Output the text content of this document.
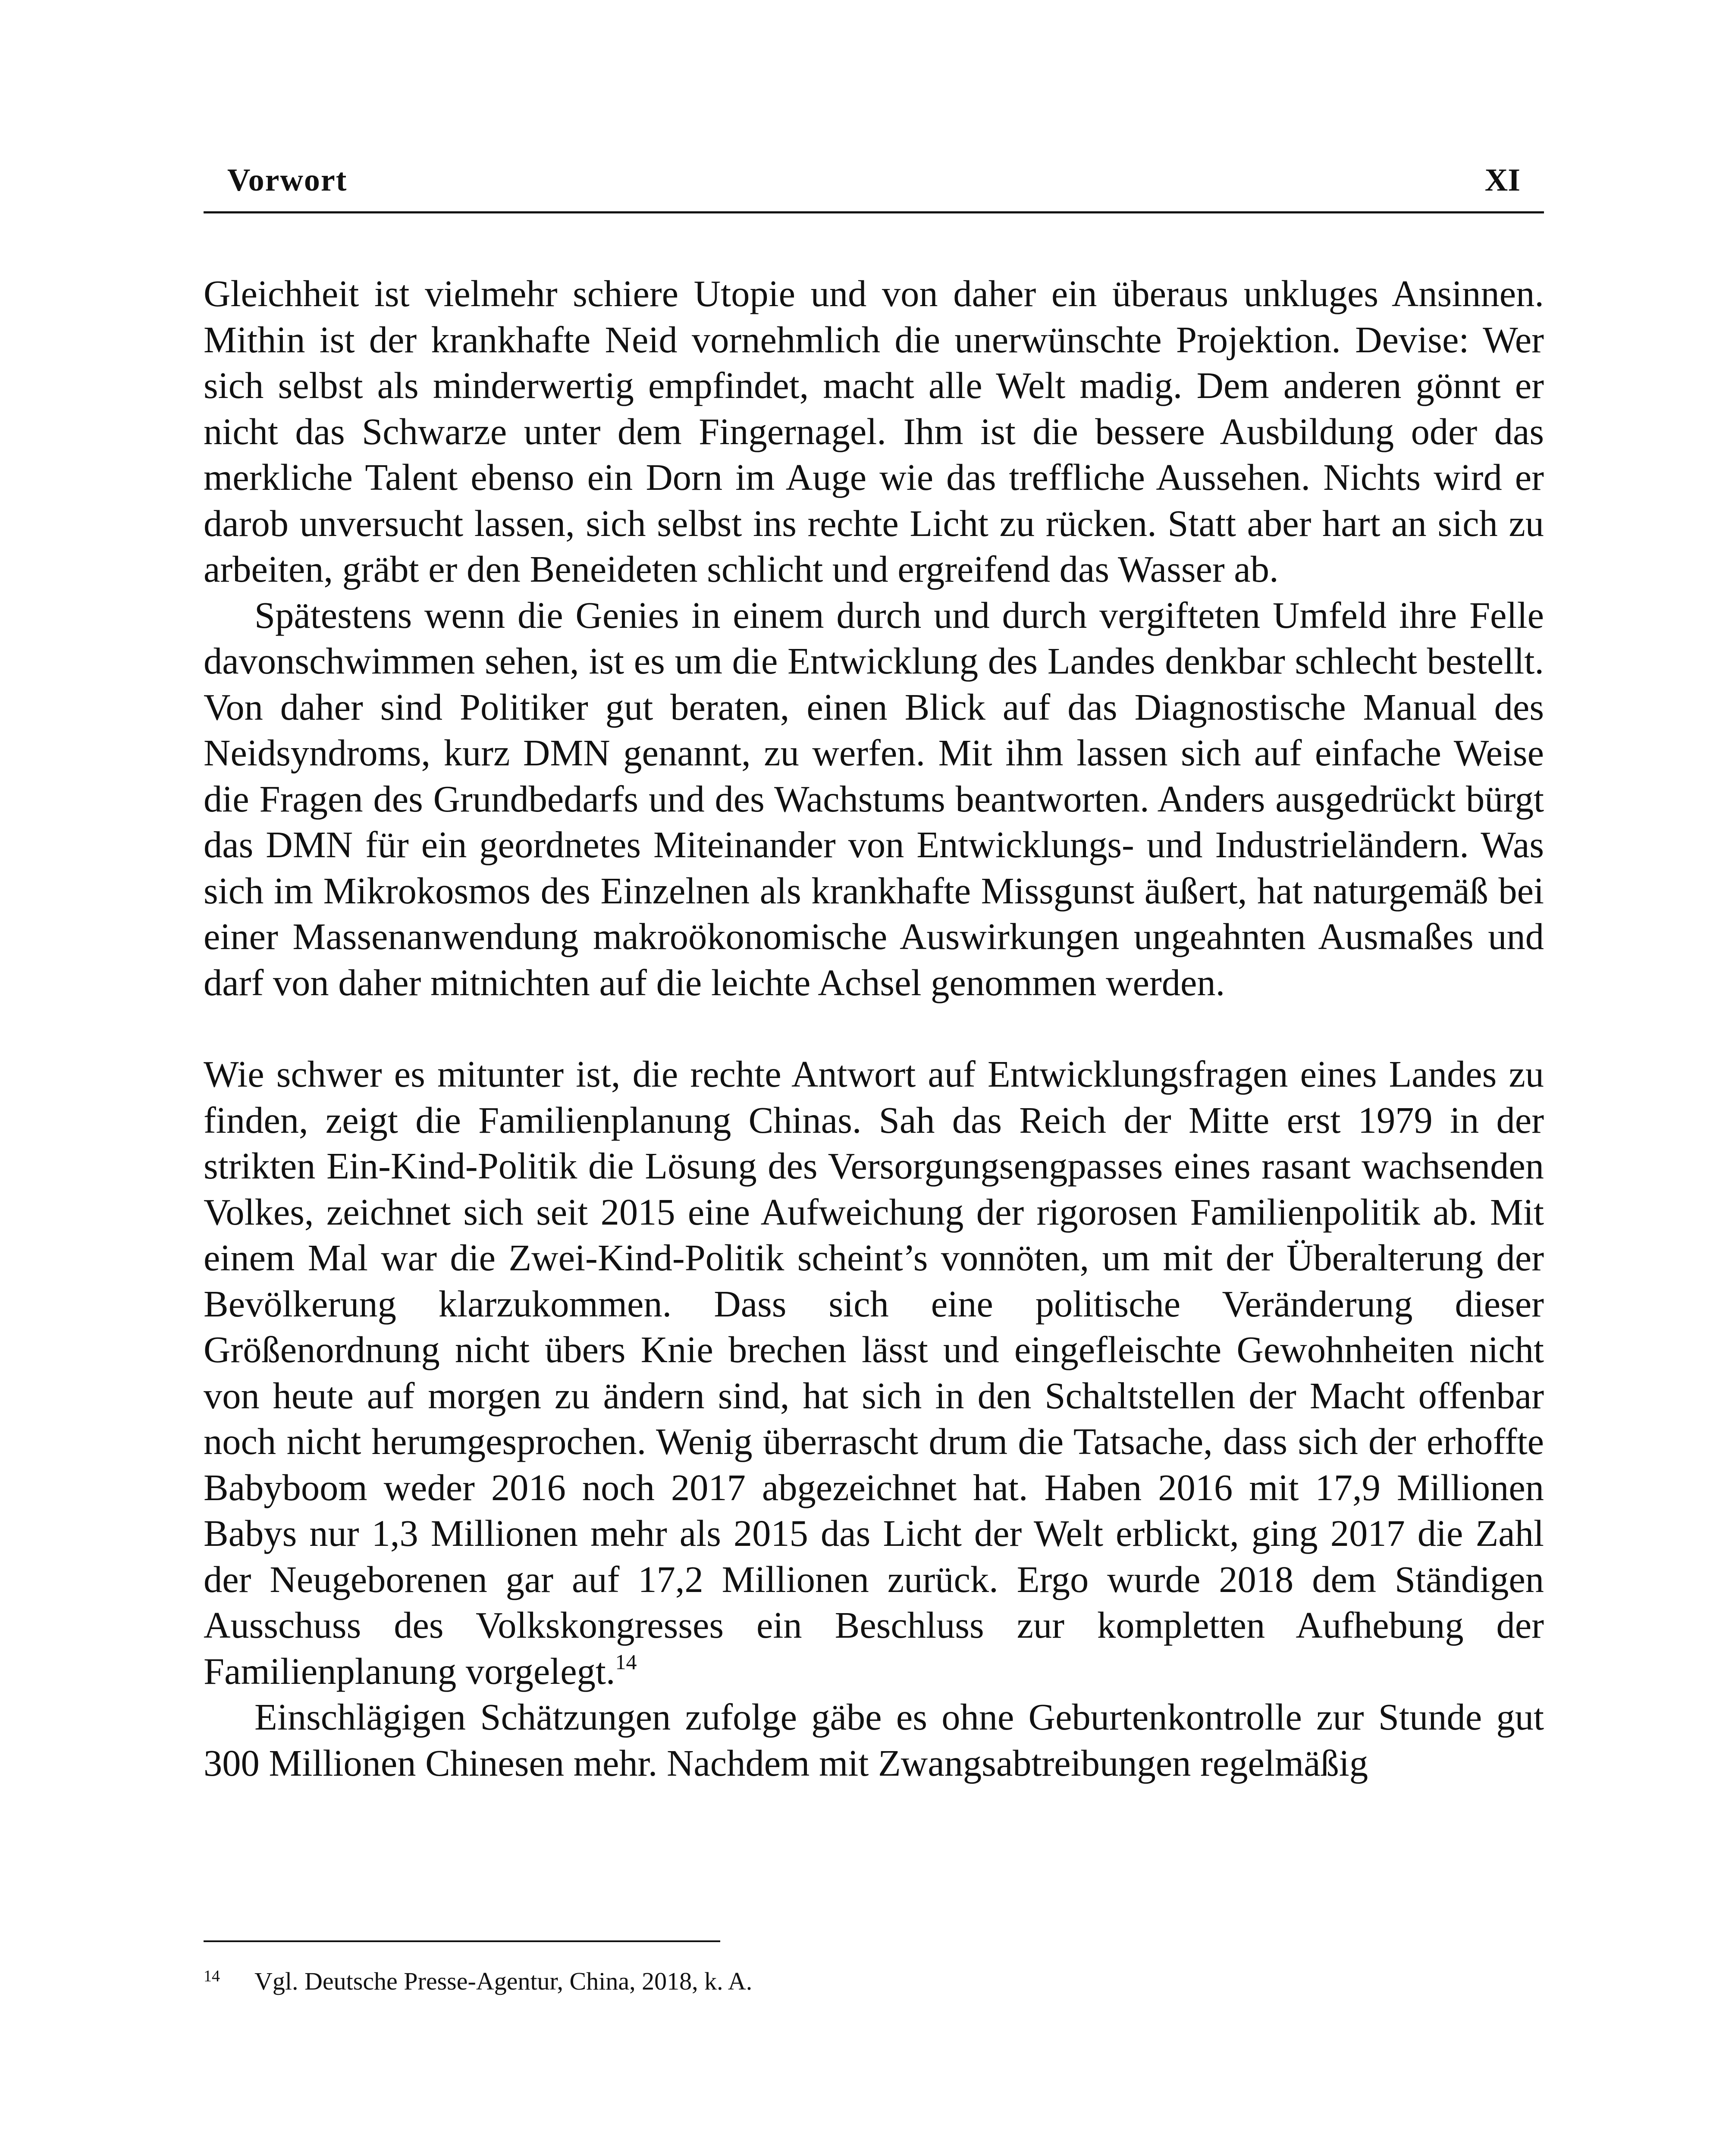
Vorwort	XI

Gleichheit ist vielmehr schiere Utopie und von daher ein überaus unkluges Ansinnen. Mithin ist der krankhafte Neid vornehmlich die unerwünschte Projektion. Devise: Wer sich selbst als minderwertig empfindet, macht alle Welt madig. Dem anderen gönnt er nicht das Schwarze unter dem Fingernagel. Ihm ist die bessere Ausbildung oder das merkliche Talent ebenso ein Dorn im Auge wie das treffliche Aussehen. Nichts wird er darob unversucht lassen, sich selbst ins rechte Licht zu rücken. Statt aber hart an sich zu arbeiten, gräbt er den Beneideten schlicht und ergreifend das Wasser ab.

Spätestens wenn die Genies in einem durch und durch vergifteten Umfeld ihre Felle davonschwimmen sehen, ist es um die Entwicklung des Landes denkbar schlecht bestellt. Von daher sind Politiker gut beraten, einen Blick auf das Diagnostische Manual des Neidsyndroms, kurz DMN genannt, zu werfen. Mit ihm lassen sich auf einfache Weise die Fragen des Grundbedarfs und des Wachstums beantworten. Anders ausgedrückt bürgt das DMN für ein geordnetes Miteinander von Entwicklungs- und Industrieländern. Was sich im Mikrokosmos des Einzelnen als krankhafte Missgunst äußert, hat naturgemäß bei einer Massenanwendung makroökonomische Auswirkungen ungeahnten Ausmaßes und darf von daher mitnichten auf die leichte Achsel genommen werden.

Wie schwer es mitunter ist, die rechte Antwort auf Entwicklungsfragen eines Landes zu finden, zeigt die Familienplanung Chinas. Sah das Reich der Mitte erst 1979 in der strikten Ein-Kind-Politik die Lösung des Versorgungsengpasses eines rasant wachsenden Volkes, zeichnet sich seit 2015 eine Aufweichung der rigorosen Familienpolitik ab. Mit einem Mal war die Zwei-Kind-Politik scheint’s vonnöten, um mit der Überalterung der Bevölkerung klarzukommen. Dass sich eine politische Veränderung dieser Größenordnung nicht übers Knie brechen lässt und eingefleischte Gewohnheiten nicht von heute auf morgen zu ändern sind, hat sich in den Schaltstellen der Macht offenbar noch nicht herumgesprochen. Wenig überrascht drum die Tatsache, dass sich der erhoffte Babyboom weder 2016 noch 2017 abgezeichnet hat. Haben 2016 mit 17,9 Millionen Babys nur 1,3 Millionen mehr als 2015 das Licht der Welt erblickt, ging 2017 die Zahl der Neugeborenen gar auf 17,2 Millionen zurück. Ergo wurde 2018 dem Ständigen Ausschuss des Volkskongresses ein Beschluss zur kompletten Aufhebung der Familienplanung vorgelegt.$^{14}$

Einschlägigen Schätzungen zufolge gäbe es ohne Geburtenkontrolle zur Stunde gut 300 Millionen Chinesen mehr. Nachdem mit Zwangsabtreibungen regelmäßig

14 Vgl. Deutsche Presse-Agentur, China, 2018, k. A.
